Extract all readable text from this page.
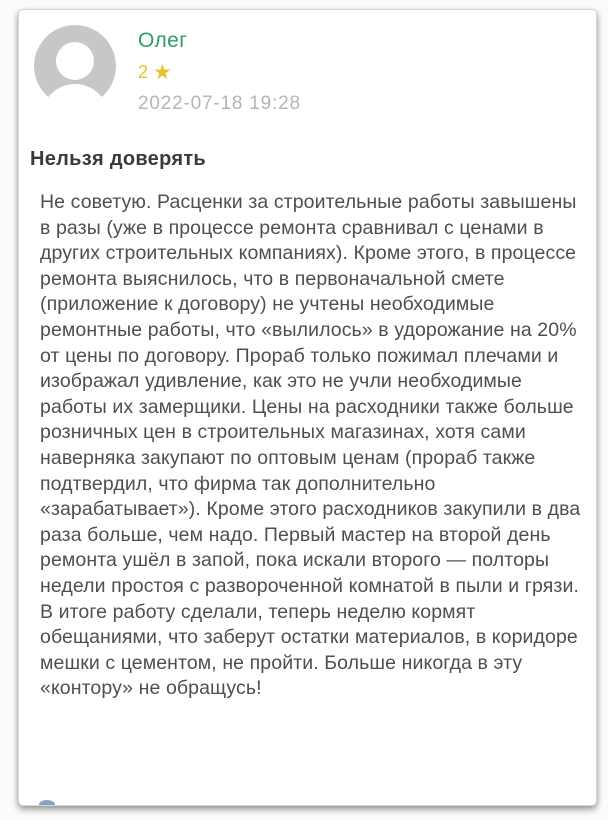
Олег
2 ★
2022-07-18 19:28
Нельзя доверять

Не советую. Расценки за строительные работы завышены в разы (уже в процессе ремонта сравнивал с ценами в других строительных компаниях). Кроме этого, в процессе ремонта выяснилось, что в первоначальной смете (приложение к договору) не учтены необходимые ремонтные работы, что «вылилось» в удорожание на 20% от цены по договору. Прораб только пожимал плечами и изображал удивление, как это не учли необходимые работы их замерщики. Цены на расходники также больше розничных цен в строительных магазинах, хотя сами наверняка закупают по оптовым ценам (прораб также подтвердил, что фирма так дополнительно «зарабатывает»). Кроме этого расходников закупили в два раза больше, чем надо. Первый мастер на второй день ремонта ушёл в запой, пока искали второго — полторы недели простоя с развороченной комнатой в пыли и грязи. В итоге работу сделали, теперь неделю кормят обещаниями, что заберут остатки материалов, в коридоре мешки с цементом, не пройти. Больше никогда в эту «контору» не обращусь!
